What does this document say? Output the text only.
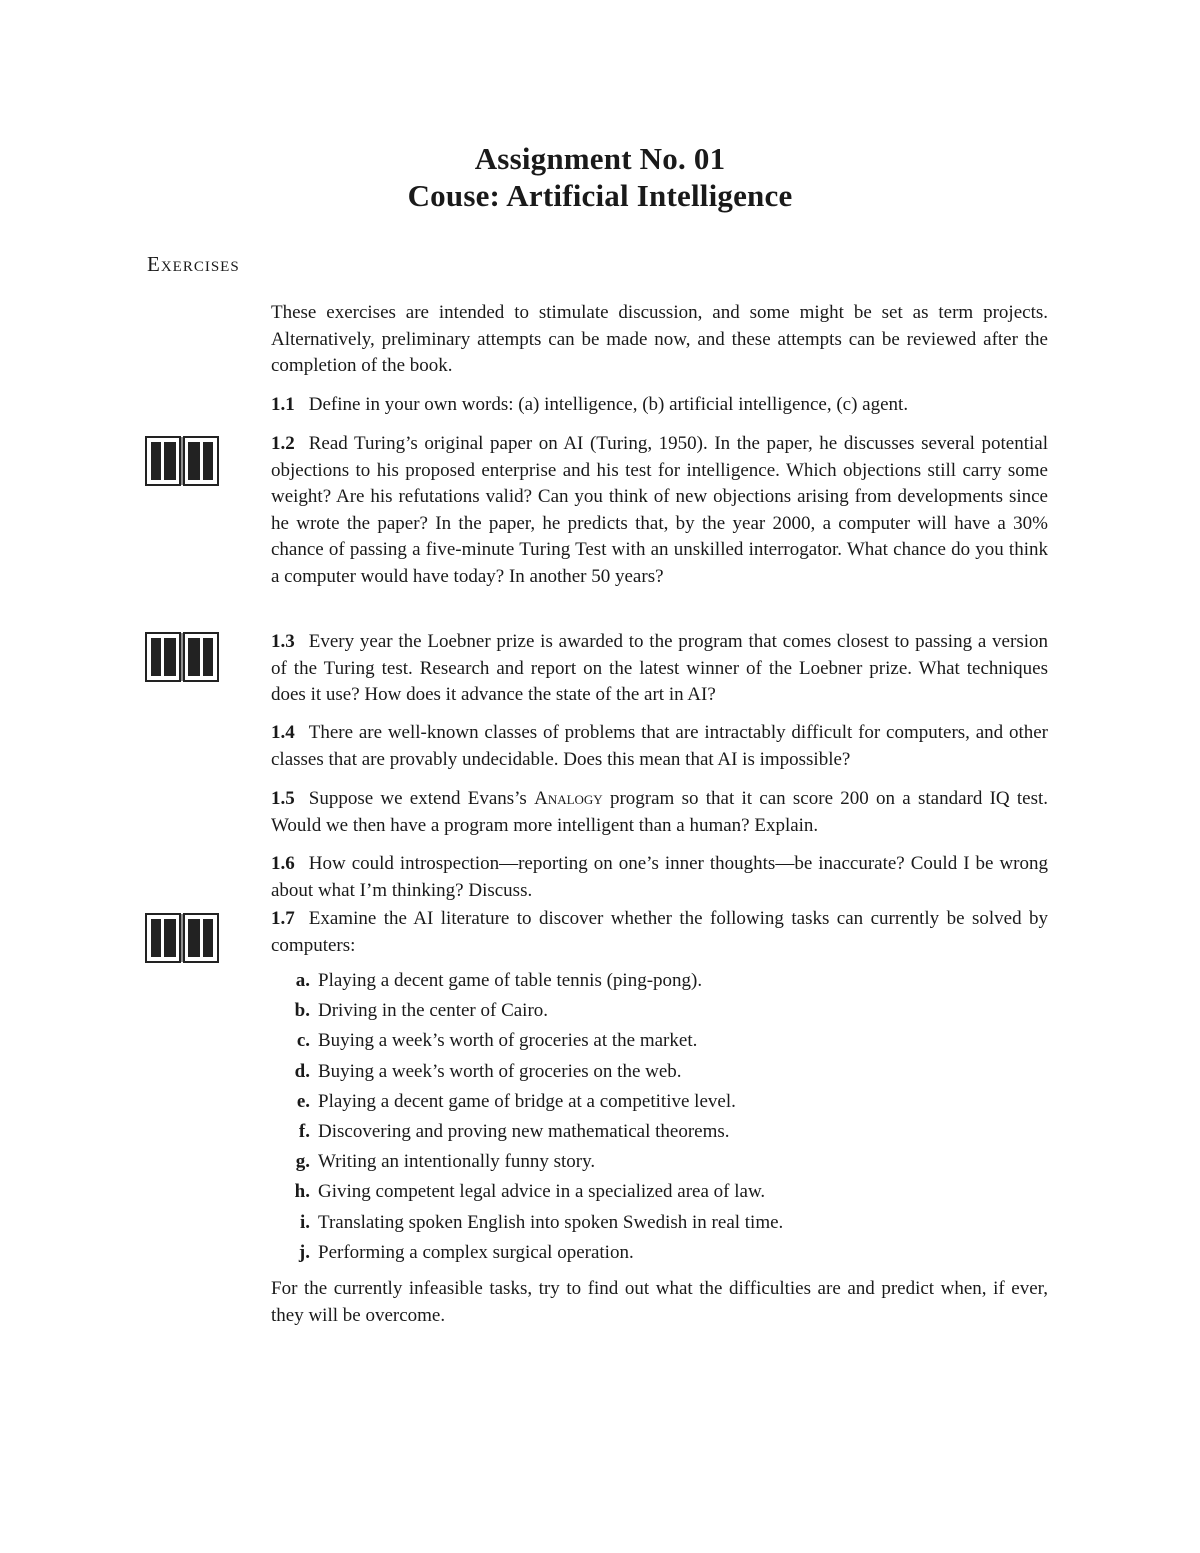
Assignment No. 01
Couse: Artificial Intelligence
Exercises
These exercises are intended to stimulate discussion, and some might be set as term projects. Alternatively, preliminary attempts can be made now, and these attempts can be reviewed after the completion of the book.
1.1 Define in your own words: (a) intelligence, (b) artificial intelligence, (c) agent.
1.2 Read Turing’s original paper on AI (Turing, 1950). In the paper, he discusses several potential objections to his proposed enterprise and his test for intelligence. Which objections still carry some weight? Are his refutations valid? Can you think of new objections arising from developments since he wrote the paper? In the paper, he predicts that, by the year 2000, a computer will have a 30% chance of passing a five-minute Turing Test with an unskilled interrogator. What chance do you think a computer would have today? In another 50 years?
1.3 Every year the Loebner prize is awarded to the program that comes closest to passing a version of the Turing test. Research and report on the latest winner of the Loebner prize. What techniques does it use? How does it advance the state of the art in AI?
1.4 There are well-known classes of problems that are intractably difficult for computers, and other classes that are provably undecidable. Does this mean that AI is impossible?
1.5 Suppose we extend Evans’s Analogy program so that it can score 200 on a standard IQ test. Would we then have a program more intelligent than a human? Explain.
1.6 How could introspection—reporting on one’s inner thoughts—be inaccurate? Could I be wrong about what I’m thinking? Discuss.
1.7 Examine the AI literature to discover whether the following tasks can currently be solved by computers:
a. Playing a decent game of table tennis (ping-pong).
b. Driving in the center of Cairo.
c. Buying a week’s worth of groceries at the market.
d. Buying a week’s worth of groceries on the web.
e. Playing a decent game of bridge at a competitive level.
f. Discovering and proving new mathematical theorems.
g. Writing an intentionally funny story.
h. Giving competent legal advice in a specialized area of law.
i. Translating spoken English into spoken Swedish in real time.
j. Performing a complex surgical operation.
For the currently infeasible tasks, try to find out what the difficulties are and predict when, if ever, they will be overcome.
